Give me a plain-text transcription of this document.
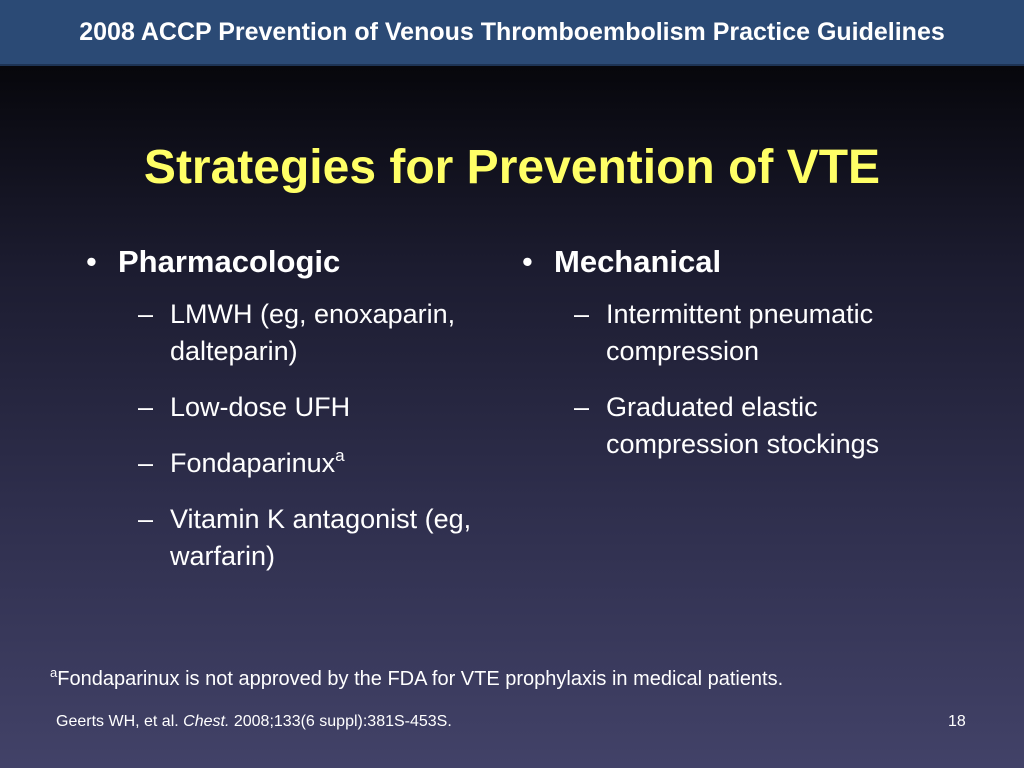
2008 ACCP Prevention of Venous Thromboembolism Practice Guidelines
Strategies for Prevention of VTE
• Pharmacologic
– LMWH (eg, enoxaparin, dalteparin)
– Low-dose UFH
– Fondaparinux$^a$
– Vitamin K antagonist (eg, warfarin)
• Mechanical
– Intermittent pneumatic compression
– Graduated elastic compression stockings
$^a$Fondaparinux is not approved by the FDA for VTE prophylaxis in medical patients.
Geerts WH, et al. Chest. 2008;133(6 suppl):381S-453S.	18
